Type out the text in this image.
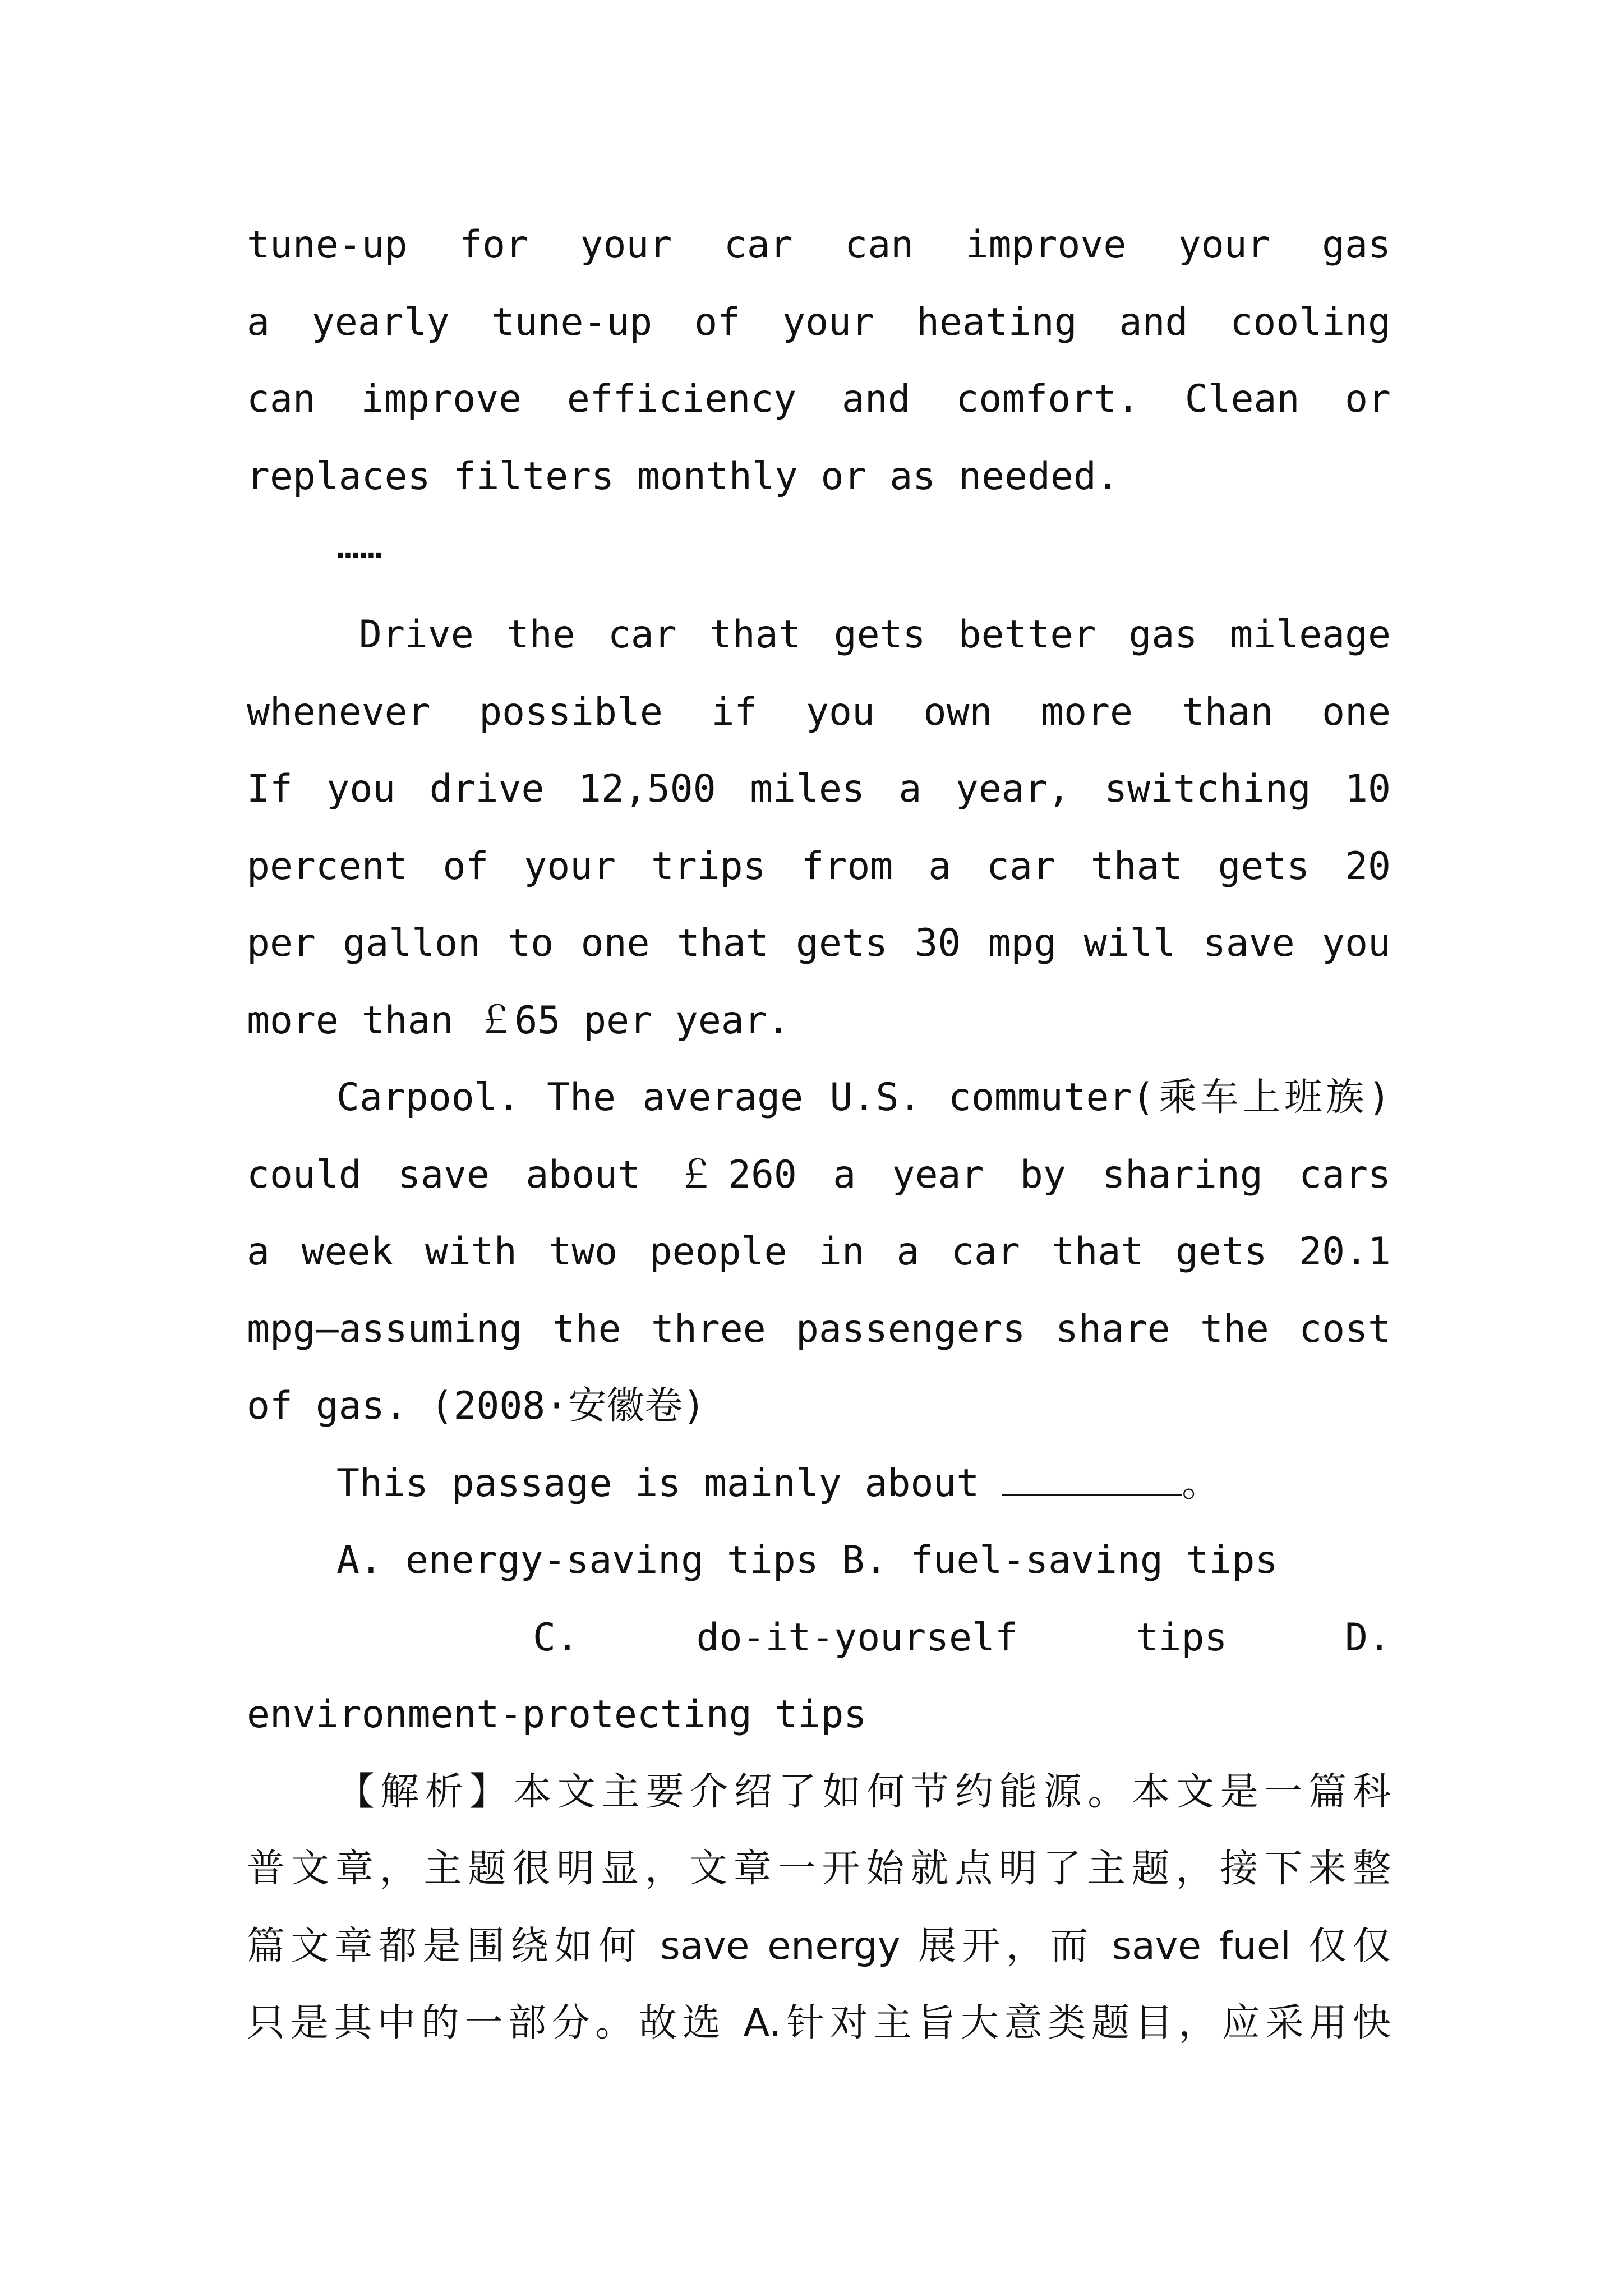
tune-up for your car can improve your gas
a yearly tune-up of your heating and cooling
can improve efficiency and comfort. Clean or
replaces filters monthly or as needed.
……
Drive the car that gets better gas mileage
whenever possible if you own more than one
If you drive 12,500 miles a year, switching 10
percent of your trips from a car that gets 20
per gallon to one that gets 30 mpg will save you
more than ￡65 per year.
Carpool. The average U.S. commuter(乘车上班族)
could save about ￡260 a year by sharing cars
a week with two people in a car that gets 20.1
mpg—assuming the three passengers share the cost
of gas. (2008·安徽卷)
This passage is mainly about	。
A. energy-saving tips B. fuel-saving tips
C. do-it-yourself tips D.
environment-protecting tips
【解析】本文主要介绍了如何节约能源。本文是一篇科
普文章，主题很明显，文章一开始就点明了主题，接下来整
篇文章都是围绕如何 save energy 展开，而 save fuel 仅仅
只是其中的一部分。故选 A.针对主旨大意类题目，应采用快
